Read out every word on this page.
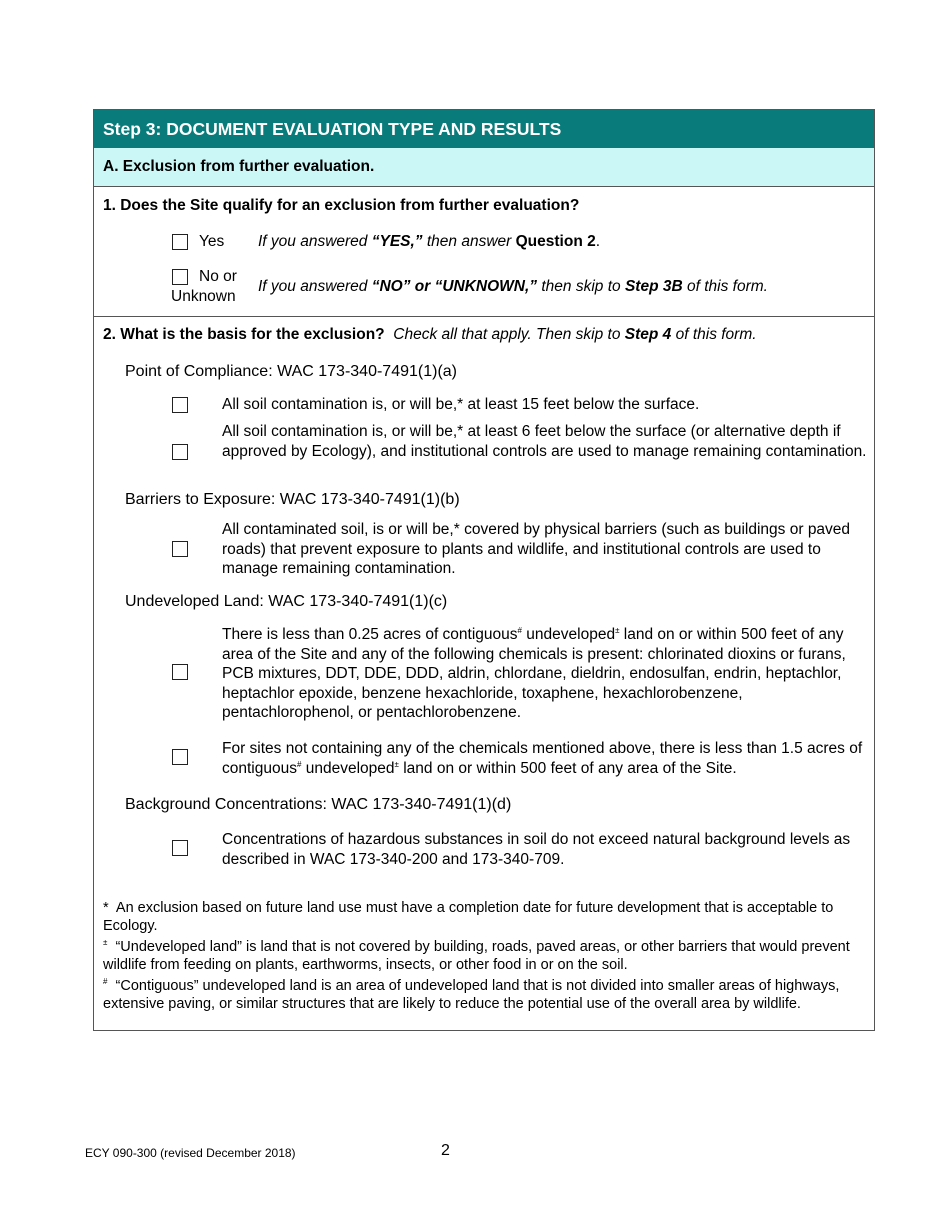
Step 3: DOCUMENT EVALUATION TYPE AND RESULTS
A. Exclusion from further evaluation.
1. Does the Site qualify for an exclusion from further evaluation?
Yes If you answered “YES,” then answer Question 2.
No or
Unknown
If you answered “NO” or “UNKNOWN,” then skip to Step 3B of this form.
2. What is the basis for the exclusion? Check all that apply. Then skip to Step 4 of this form.
Point of Compliance: WAC 173-340-7491(1)(a)
All soil contamination is, or will be,* at least 15 feet below the surface.
All soil contamination is, or will be,* at least 6 feet below the surface (or alternative depth if approved by Ecology), and institutional controls are used to manage remaining contamination.
Barriers to Exposure: WAC 173-340-7491(1)(b)
All contaminated soil, is or will be,* covered by physical barriers (such as buildings or paved roads) that prevent exposure to plants and wildlife, and institutional controls are used to manage remaining contamination.
Undeveloped Land: WAC 173-340-7491(1)(c)
There is less than 0.25 acres of contiguous# undeveloped± land on or within 500 feet of any area of the Site and any of the following chemicals is present: chlorinated dioxins or furans, PCB mixtures, DDT, DDE, DDD, aldrin, chlordane, dieldrin, endosulfan, endrin, heptachlor, heptachlor epoxide, benzene hexachloride, toxaphene, hexachlorobenzene, pentachlorophenol, or pentachlorobenzene.
For sites not containing any of the chemicals mentioned above, there is less than 1.5 acres of contiguous# undeveloped± land on or within 500 feet of any area of the Site.
Background Concentrations: WAC 173-340-7491(1)(d)
Concentrations of hazardous substances in soil do not exceed natural background levels as described in WAC 173-340-200 and 173-340-709.
* An exclusion based on future land use must have a completion date for future development that is acceptable to Ecology.
± “Undeveloped land” is land that is not covered by building, roads, paved areas, or other barriers that would prevent wildlife from feeding on plants, earthworms, insects, or other food in or on the soil.
# “Contiguous” undeveloped land is an area of undeveloped land that is not divided into smaller areas of highways, extensive paving, or similar structures that are likely to reduce the potential use of the overall area by wildlife.
ECY 090-300 (revised December 2018)	2
